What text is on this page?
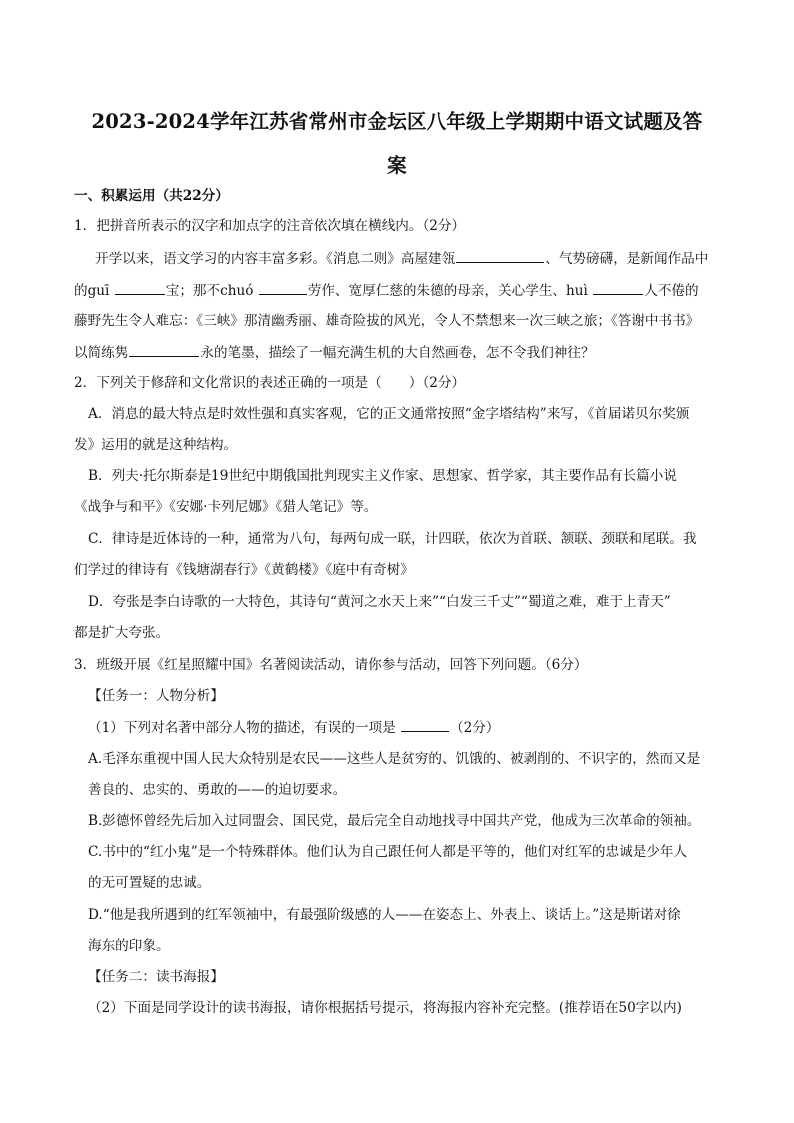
2023-2024学年江苏省常州市金坛区八年级上学期期中语文试题及答
案
一、积累运用（共22分）
1．把拼音所表示的汉字和加点字的注音依次填在横线内。（2分）
开学以来，语文学习的内容丰富多彩。《消息二则》高屋建瓴	、气势磅礴，是新闻作品中
的guī	宝；那不chuó	劳作、宽厚仁慈的朱德的母亲，关心学生、huì	人不倦的
藤野先生令人难忘：《三峡》那清幽秀丽、雄奇险拔的风光，令人不禁想来一次三峡之旅；《答谢中书书》
以简练隽	永的笔墨，描绘了一幅充满生机的大自然画卷，怎不令我们神往？
2．下列关于修辞和文化常识的表述正确的一项是（　　）（2分）
A．消息的最大特点是时效性强和真实客观，它的正文通常按照“金字塔结构”来写，《首届诺贝尔奖颁
发》运用的就是这种结构。
B．列夫·托尔斯泰是19世纪中期俄国批判现实主义作家、思想家、哲学家，其主要作品有长篇小说
《战争与和平》《安娜·卡列尼娜》《猎人笔记》等。
C．律诗是近体诗的一种，通常为八句，每两句成一联，计四联，依次为首联、颔联、颈联和尾联。我
们学过的律诗有《钱塘湖春行》《黄鹤楼》《庭中有奇树》
D．夸张是李白诗歌的一大特色，其诗句“黄河之水天上来”“白发三千丈”“蜀道之难，难于上青天”
都是扩大夸张。
3．班级开展《红星照耀中国》名著阅读活动，请你参与活动，回答下列问题。（6分）
【任务一：人物分析】
（1）下列对名著中部分人物的描述，有误的一项是	（2分）
A.毛泽东重视中国人民大众特别是农民——这些人是贫穷的、饥饿的、被剥削的、不识字的，然而又是
善良的、忠实的、勇敢的——的迫切要求。
B.彭德怀曾经先后加入过同盟会、国民党，最后完全自动地找寻中国共产党，他成为三次革命的领袖。
C.书中的“红小鬼”是一个特殊群体。他们认为自己跟任何人都是平等的，他们对红军的忠诚是少年人
的无可置疑的忠诚。
D.“他是我所遇到的红军领袖中，有最强阶级感的人——在姿态上、外表上、谈话上。”这是斯诺对徐
海东的印象。
【任务二：读书海报】
（2）下面是同学设计的读书海报，请你根据括号提示，将海报内容补充完整。(推荐语在50字以内)
